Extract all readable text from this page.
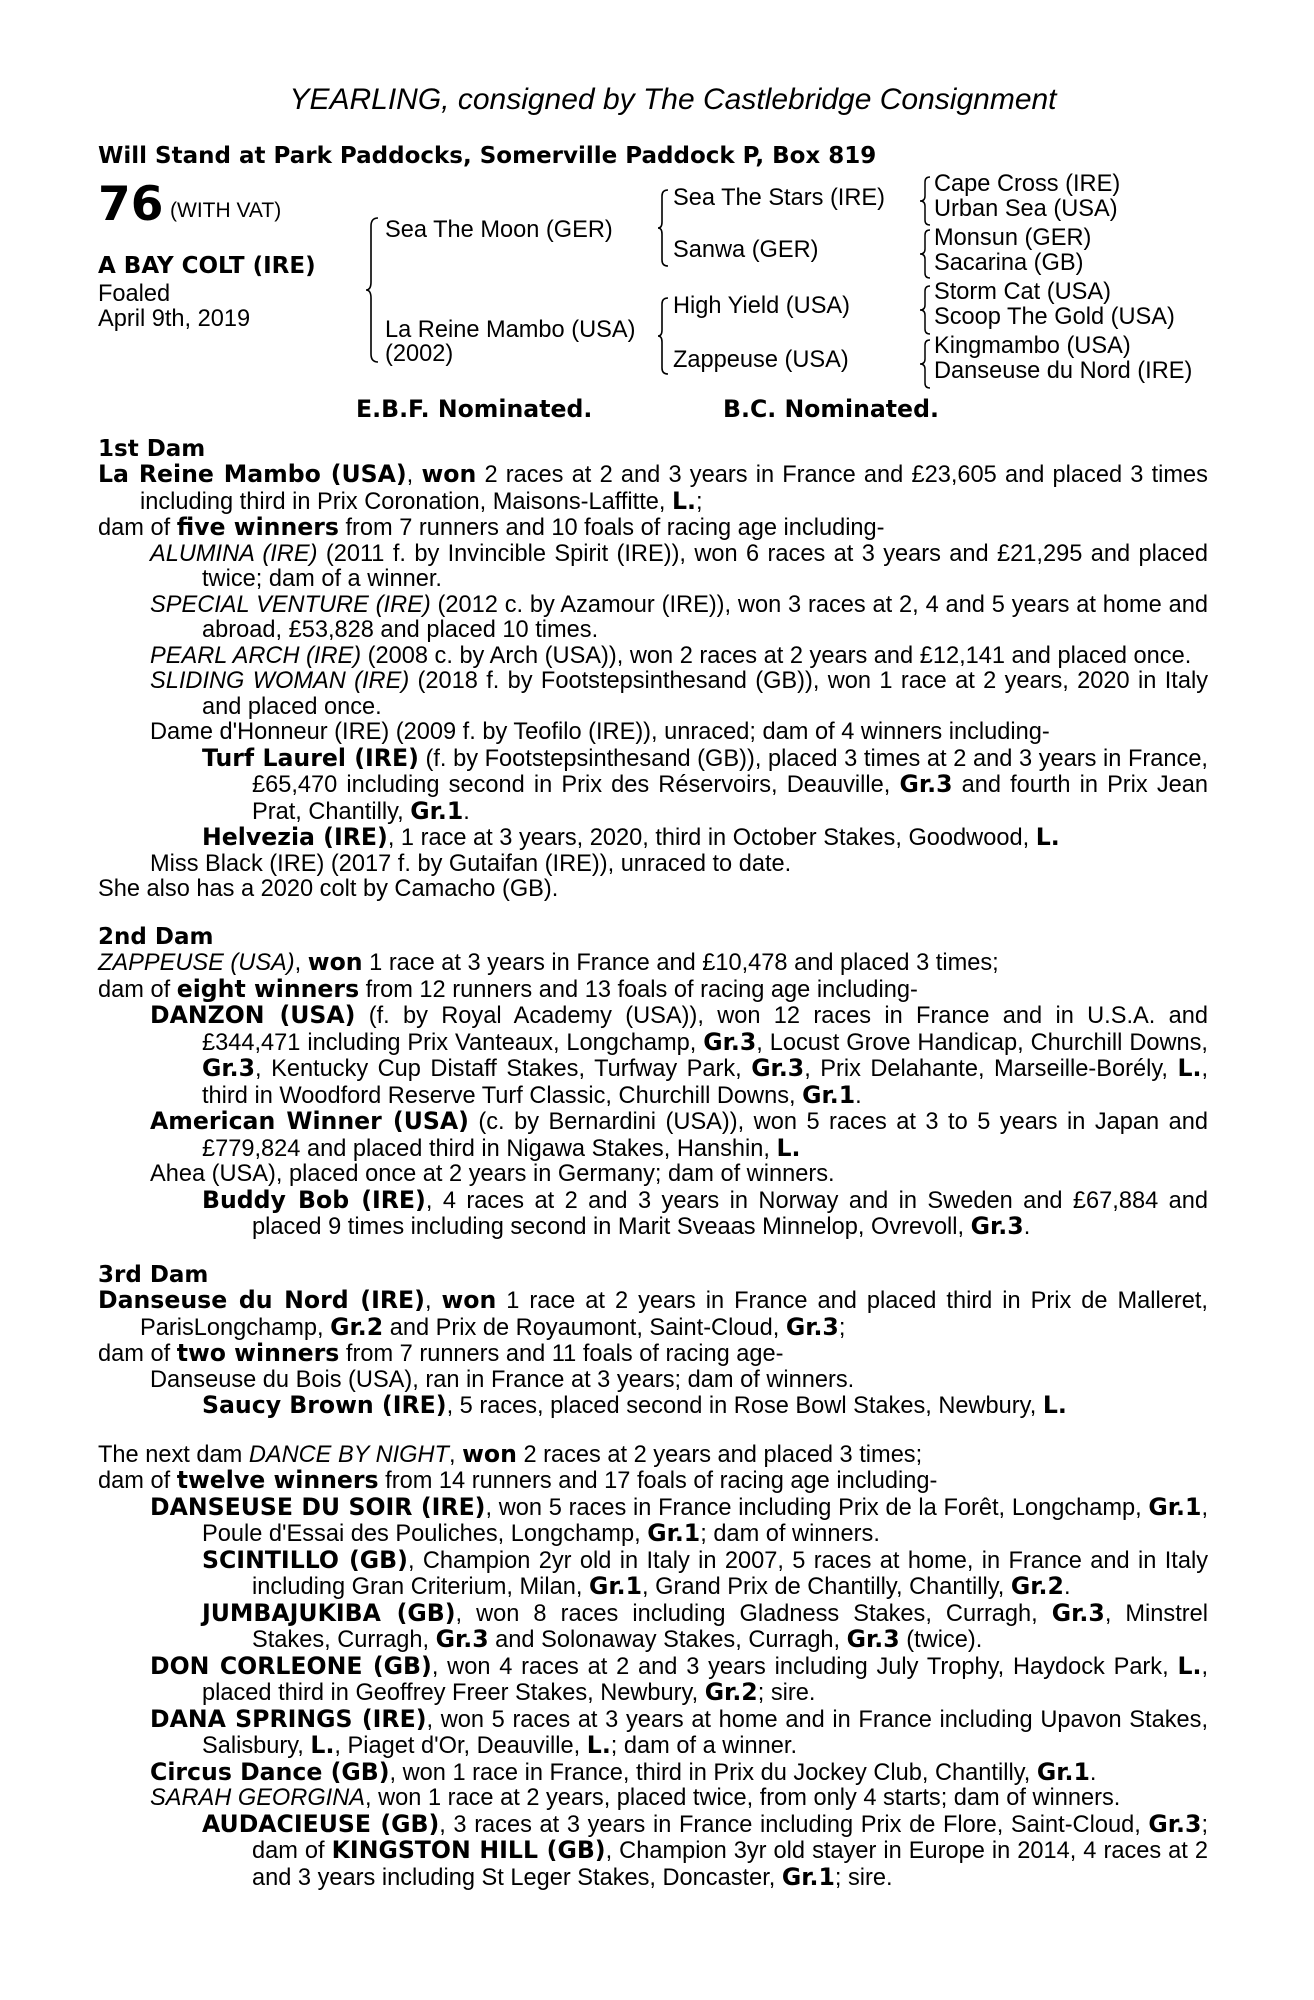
YEARLING, consigned by The Castlebridge Consignment
Will Stand at Park Paddocks, Somerville Paddock P, Box 819
76 (WITH VAT)
A BAY COLT (IRE)
Foaled
April 9th, 2019
Sea The Moon (GER)
La Reine Mambo (USA)
(2002)
Sea The Stars (IRE)
Sanwa (GER)
High Yield (USA)
Zappeuse (USA)
Cape Cross (IRE)
Urban Sea (USA)
Monsun (GER)
Sacarina (GB)
Storm Cat (USA)
Scoop The Gold (USA)
Kingmambo (USA)
Danseuse du Nord (IRE)
E.B.F. Nominated.	B.C. Nominated.
1st Dam

La Reine Mambo (USA), won 2 races at 2 and 3 years in France and £23,605 and placed 3 times including third in Prix Coronation, Maisons-Laffitte, L.;

dam of five winners from 7 runners and 10 foals of racing age including-

ALUMINA (IRE) (2011 f. by Invincible Spirit (IRE)), won 6 races at 3 years and £21,295 and placed twice; dam of a winner.

SPECIAL VENTURE (IRE) (2012 c. by Azamour (IRE)), won 3 races at 2, 4 and 5 years at home and abroad, £53,828 and placed 10 times.

PEARL ARCH (IRE) (2008 c. by Arch (USA)), won 2 races at 2 years and £12,141 and placed once.

SLIDING WOMAN (IRE) (2018 f. by Footstepsinthesand (GB)), won 1 race at 2 years, 2020 in Italy and placed once.

Dame d'Honneur (IRE) (2009 f. by Teofilo (IRE)), unraced; dam of 4 winners including-

Turf Laurel (IRE) (f. by Footstepsinthesand (GB)), placed 3 times at 2 and 3 years in France, £65,470 including second in Prix des Réservoirs, Deauville, Gr.3 and fourth in Prix Jean Prat, Chantilly, Gr.1.

Helvezia (IRE), 1 race at 3 years, 2020, third in October Stakes, Goodwood, L.

Miss Black (IRE) (2017 f. by Gutaifan (IRE)), unraced to date.

She also has a 2020 colt by Camacho (GB).

2nd Dam

ZAPPEUSE (USA), won 1 race at 3 years in France and £10,478 and placed 3 times;

dam of eight winners from 12 runners and 13 foals of racing age including-

DANZON (USA) (f. by Royal Academy (USA)), won 12 races in France and in U.S.A. and £344,471 including Prix Vanteaux, Longchamp, Gr.3, Locust Grove Handicap, Churchill Downs, Gr.3, Kentucky Cup Distaff Stakes, Turfway Park, Gr.3, Prix Delahante, Marseille-Borély, L., third in Woodford Reserve Turf Classic, Churchill Downs, Gr.1.

American Winner (USA) (c. by Bernardini (USA)), won 5 races at 3 to 5 years in Japan and £779,824 and placed third in Nigawa Stakes, Hanshin, L.

Ahea (USA), placed once at 2 years in Germany; dam of winners.

Buddy Bob (IRE), 4 races at 2 and 3 years in Norway and in Sweden and £67,884 and placed 9 times including second in Marit Sveaas Minnelop, Ovrevoll, Gr.3.

3rd Dam

Danseuse du Nord (IRE), won 1 race at 2 years in France and placed third in Prix de Malleret, ParisLongchamp, Gr.2 and Prix de Royaumont, Saint-Cloud, Gr.3;

dam of two winners from 7 runners and 11 foals of racing age-

Danseuse du Bois (USA), ran in France at 3 years; dam of winners.

Saucy Brown (IRE), 5 races, placed second in Rose Bowl Stakes, Newbury, L.

The next dam DANCE BY NIGHT, won 2 races at 2 years and placed 3 times;

dam of twelve winners from 14 runners and 17 foals of racing age including-

DANSEUSE DU SOIR (IRE), won 5 races in France including Prix de la Forêt, Longchamp, Gr.1, Poule d'Essai des Pouliches, Longchamp, Gr.1; dam of winners.

SCINTILLO (GB), Champion 2yr old in Italy in 2007, 5 races at home, in France and in Italy including Gran Criterium, Milan, Gr.1, Grand Prix de Chantilly, Chantilly, Gr.2.

JUMBAJUKIBA (GB), won 8 races including Gladness Stakes, Curragh, Gr.3, Minstrel Stakes, Curragh, Gr.3 and Solonaway Stakes, Curragh, Gr.3 (twice).

DON CORLEONE (GB), won 4 races at 2 and 3 years including July Trophy, Haydock Park, L., placed third in Geoffrey Freer Stakes, Newbury, Gr.2; sire.

DANA SPRINGS (IRE), won 5 races at 3 years at home and in France including Upavon Stakes, Salisbury, L., Piaget d'Or, Deauville, L.; dam of a winner.

Circus Dance (GB), won 1 race in France, third in Prix du Jockey Club, Chantilly, Gr.1.

SARAH GEORGINA, won 1 race at 2 years, placed twice, from only 4 starts; dam of winners.

AUDACIEUSE (GB), 3 races at 3 years in France including Prix de Flore, Saint-Cloud, Gr.3; dam of KINGSTON HILL (GB), Champion 3yr old stayer in Europe in 2014, 4 races at 2 and 3 years including St Leger Stakes, Doncaster, Gr.1; sire.
